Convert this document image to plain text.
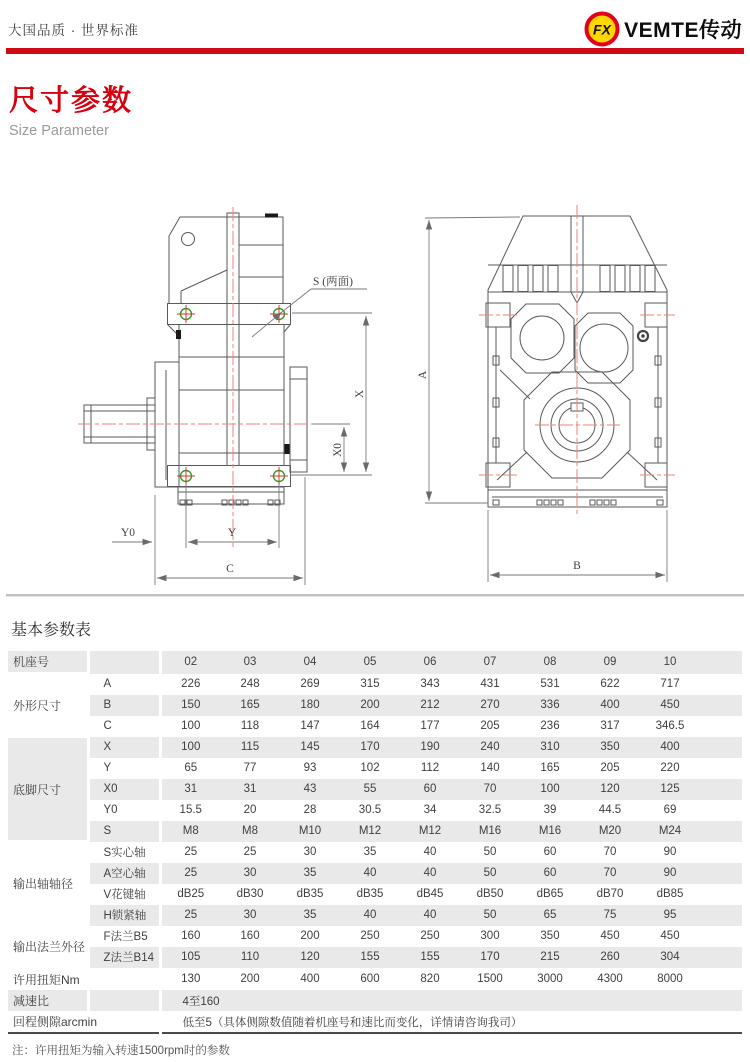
大国品质 · 世界标准	FX VEMTE传动
尺寸参数
Size Parameter
S (两面)
X
X0
Y0	Y
C
A
B
基本参数表
机座号		02	03	04	05	06	07	08	09	10	
外形尺寸	A	226	248	269	315	343	431	531	622	717	
	B	150	165	180	200	212	270	336	400	450	
	C	100	118	147	164	177	205	236	317	346.5	
底脚尺寸	X	100	115	145	170	190	240	310	350	400	
	Y	65	77	93	102	112	140	165	205	220	
	X0	31	31	43	55	60	70	100	120	125	
	Y0	15.5	20	28	30.5	34	32.5	39	44.5	69	
	S	M8	M8	M10	M12	M12	M16	M16	M20	M24	
输出轴轴径	S实心轴	25	25	30	35	40	50	60	70	90	
	A空心轴	25	30	35	40	40	50	60	70	90	
	V花键轴	dB25	dB30	dB35	dB35	dB45	dB50	dB65	dB70	dB85	
	H锁紧轴	25	30	35	40	40	50	65	75	95	
输出法兰外径	F法兰B5	160	160	200	250	250	300	350	450	450	
	Z法兰B14	105	110	120	155	155	170	215	260	304	
许用扭矩Nm		130	200	400	600	820	1500	3000	4300	8000	
减速比		4至160									
回程侧隙arcmin		低至5（具体侧隙数值随着机座号和速比而变化，详情请咨询我司）									
注：许用扭矩为输入转速1500rpm时的参数
